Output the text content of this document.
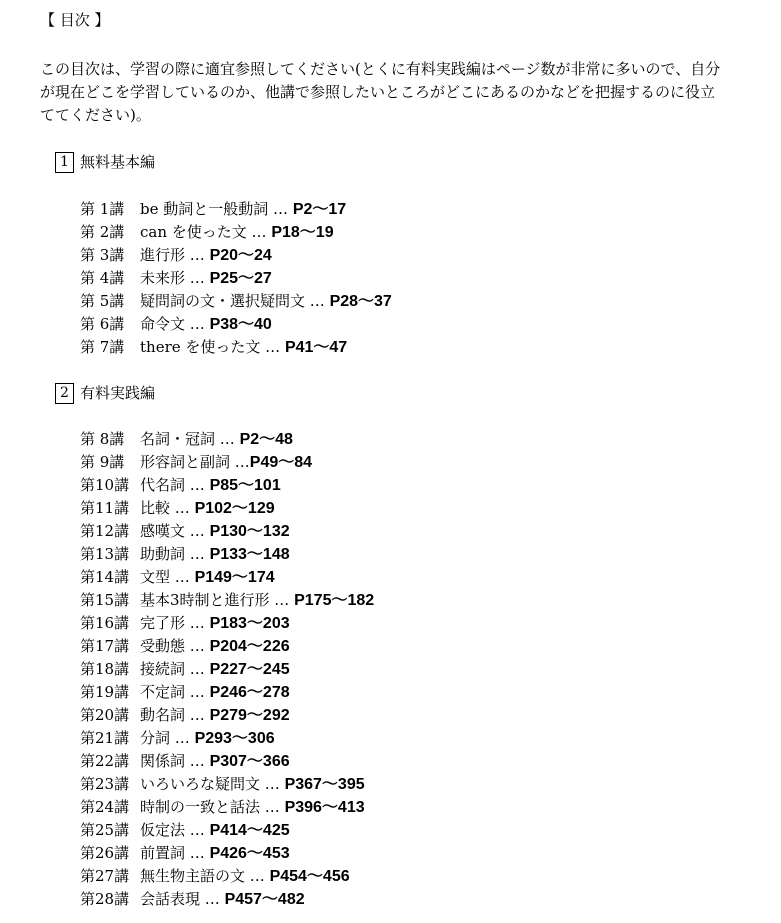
【 目次 】
この目次は、学習の際に適宜参照してください(とくに有料実践編はページ数が非常に多いので、自分
が現在どこを学習しているのか、他講で参照したいところがどこにあるのかなどを把握するのに役立
ててください)。
1 無料基本編
第 1講 be 動詞と一般動詞 … P2〜17
第 2講 can を使った文 … P18〜19
第 3講 進行形 … P20〜24
第 4講 未来形 … P25〜27
第 5講 疑問詞の文・選択疑問文 … P28〜37
第 6講 命令文 … P38〜40
第 7講 there を使った文 … P41〜47
2 有料実践編
第 8講 名詞・冠詞 … P2〜48
第 9講 形容詞と副詞 …P49〜84
第10講 代名詞 … P85〜101
第11講 比較 … P102〜129
第12講 感嘆文 … P130〜132
第13講 助動詞 … P133〜148
第14講 文型 … P149〜174
第15講 基本3時制と進行形 … P175〜182
第16講 完了形 … P183〜203
第17講 受動態 … P204〜226
第18講 接続詞 … P227〜245
第19講 不定詞 … P246〜278
第20講 動名詞 … P279〜292
第21講 分詞 … P293〜306
第22講 関係詞 … P307〜366
第23講 いろいろな疑問文 … P367〜395
第24講 時制の一致と話法 … P396〜413
第25講 仮定法 … P414〜425
第26講 前置詞 … P426〜453
第27講 無生物主語の文 … P454〜456
第28講 会話表現 … P457〜482
